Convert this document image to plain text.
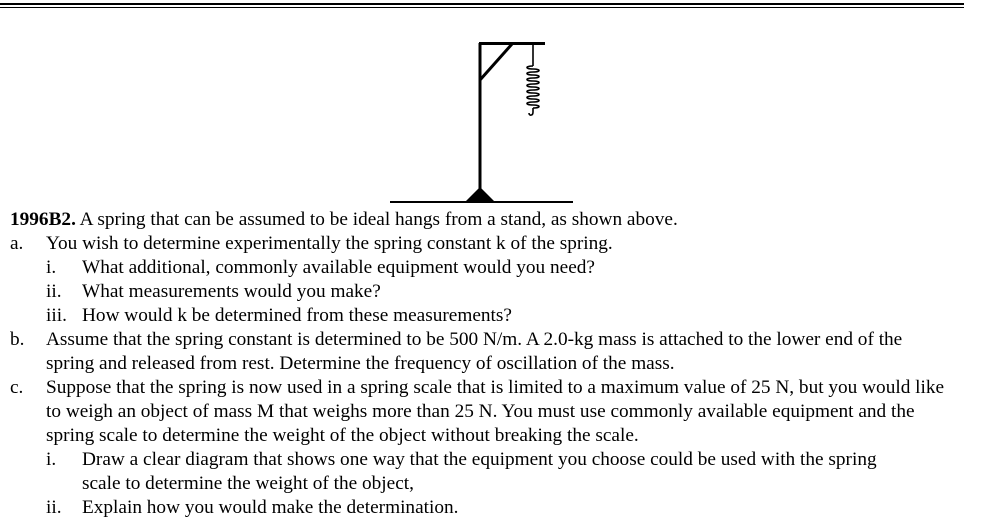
1996B2. A spring that can be assumed to be ideal hangs from a stand, as shown above.
a. You wish to determine experimentally the spring constant k of the spring.
i. What additional, commonly available equipment would you need?
ii. What measurements would you make?
iii. How would k be determined from these measurements?
b. Assume that the spring constant is determined to be 500 N/m. A 2.0-kg mass is attached to the lower end of the
spring and released from rest. Determine the frequency of oscillation of the mass.
c. Suppose that the spring is now used in a spring scale that is limited to a maximum value of 25 N, but you would like
to weigh an object of mass M that weighs more than 25 N. You must use commonly available equipment and the
spring scale to determine the weight of the object without breaking the scale.
i. Draw a clear diagram that shows one way that the equipment you choose could be used with the spring
scale to determine the weight of the object,
ii. Explain how you would make the determination.
